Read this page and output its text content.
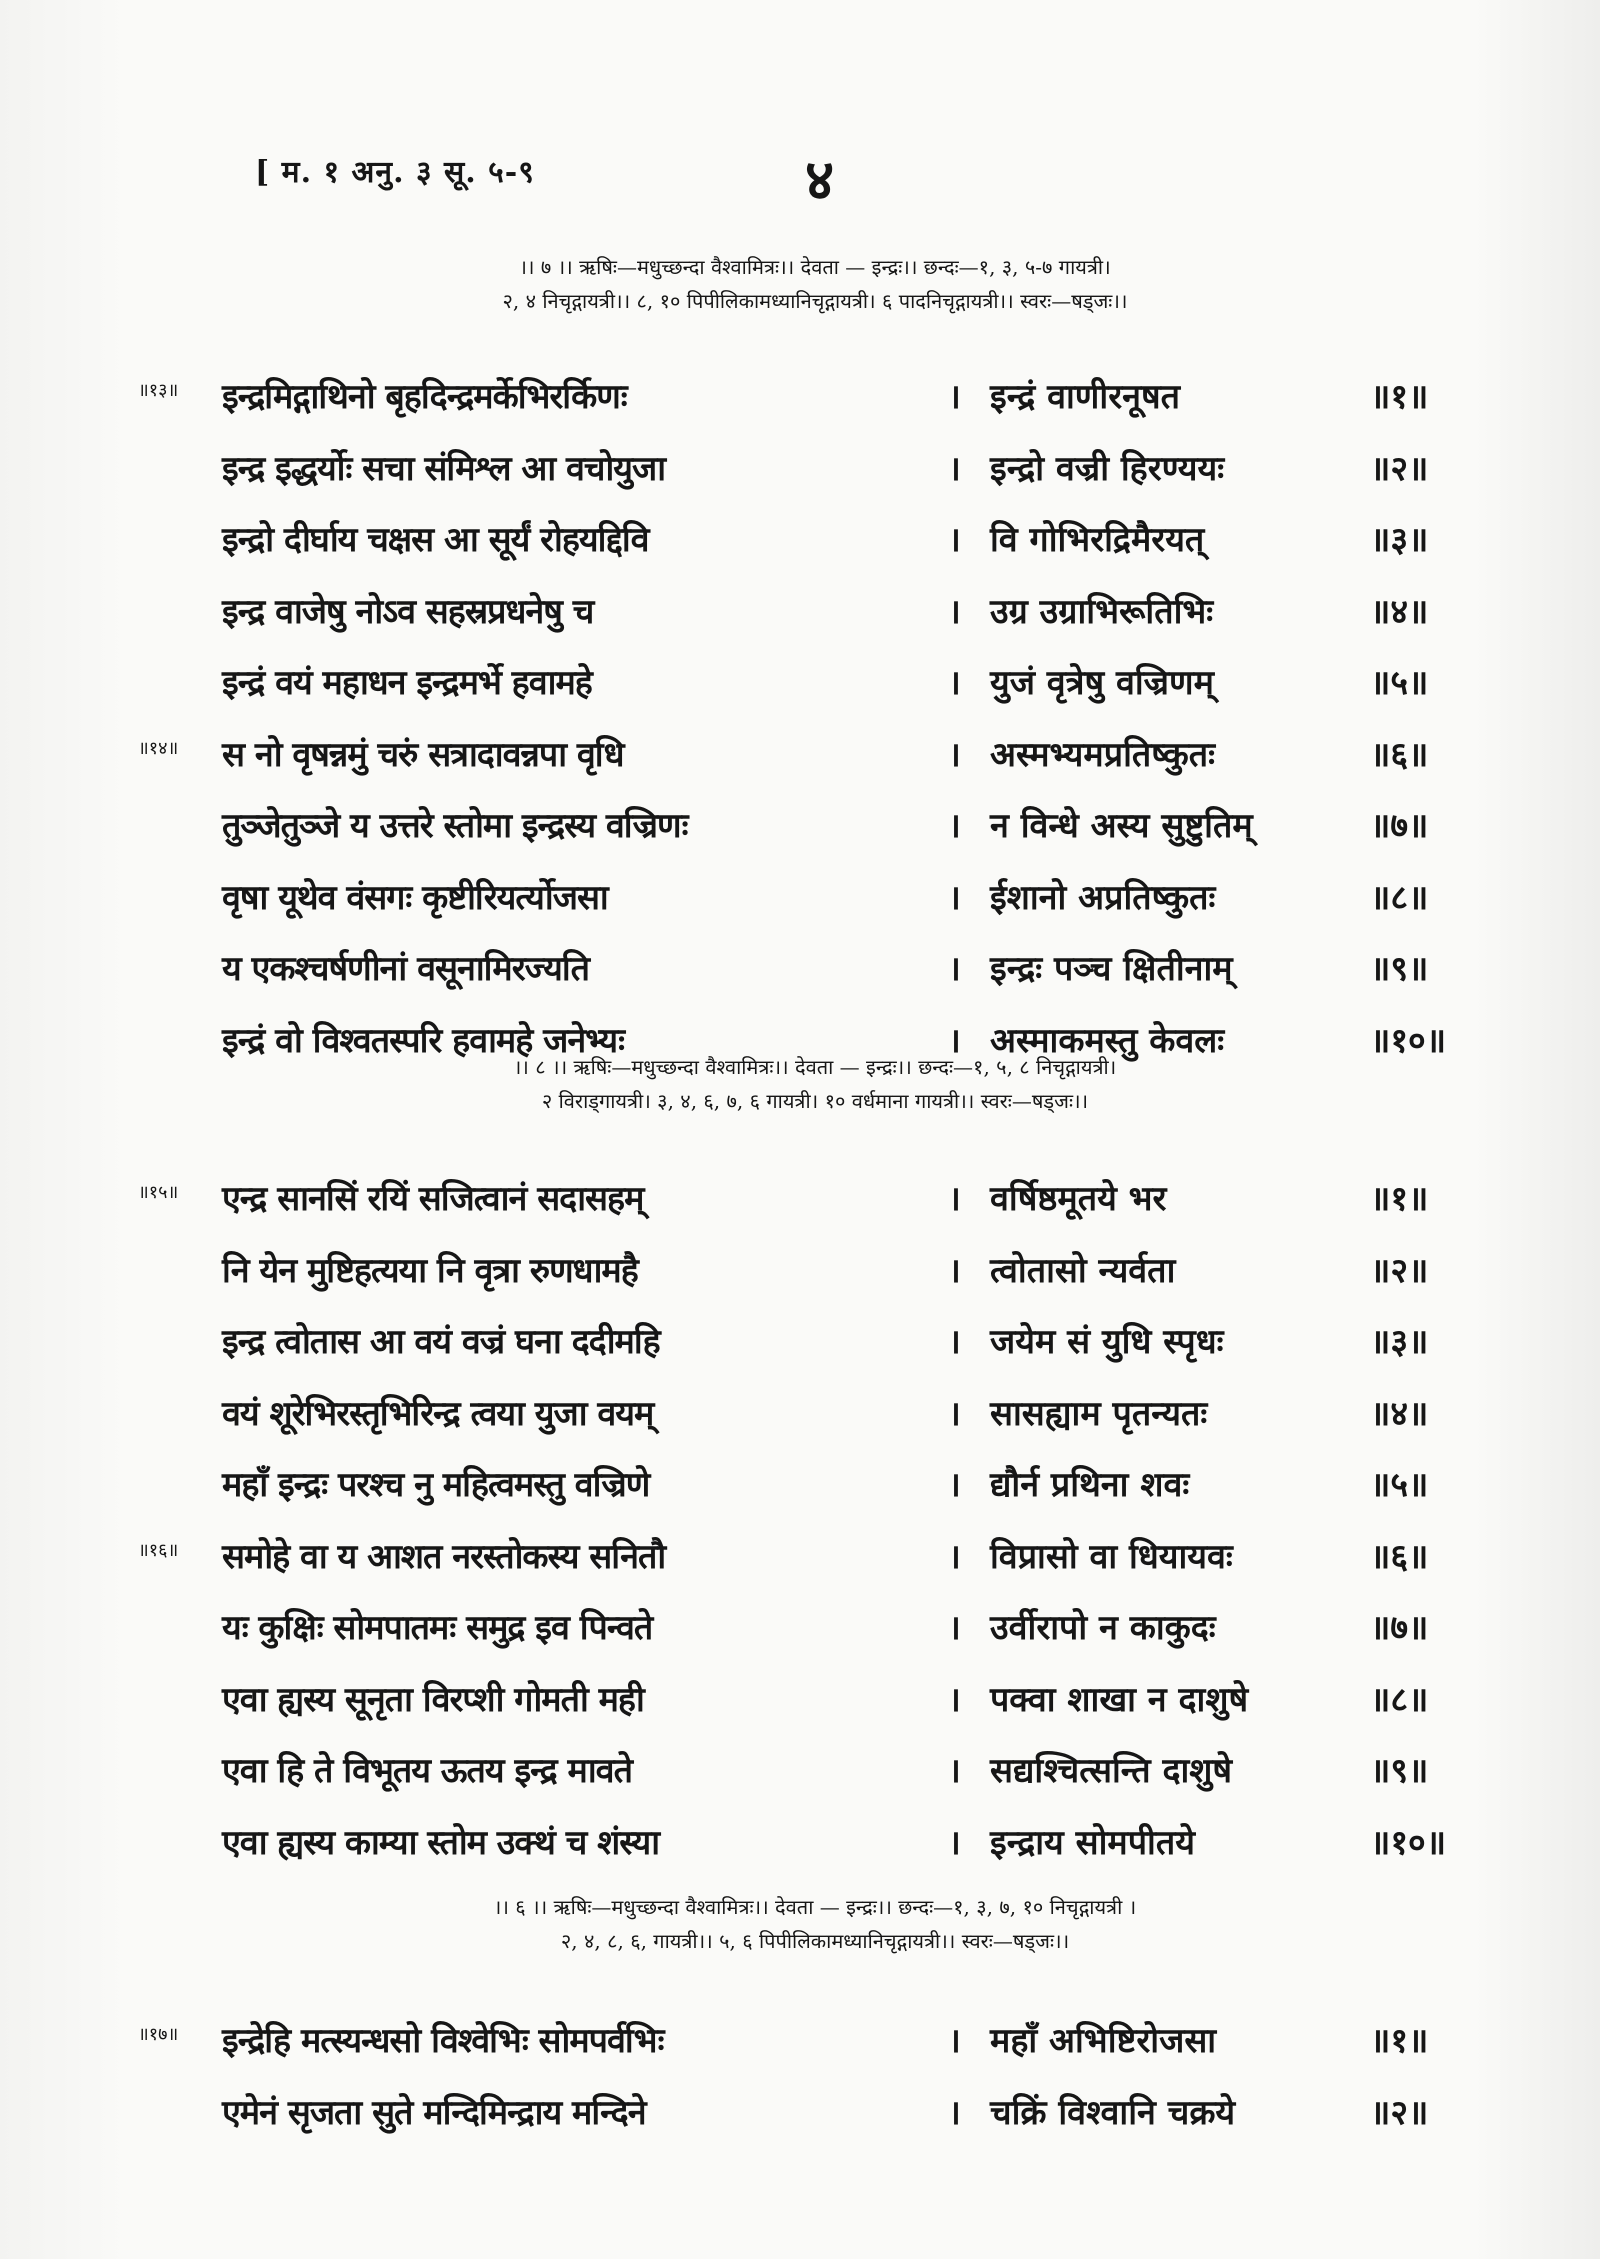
[ म. १ अनु. ३ सू. ५-९	४
।। ७ ।। ऋषिः—मधुच्छन्दा वैश्वामित्रः।। देवता — इन्द्रः।। छन्दः—१, ३, ५-७ गायत्री।
२, ४ निचृद्गायत्री।। ८, १० पिपीलिकामध्यानिचृद्गायत्री। ६ पादनिचृद्गायत्री।। स्वरः—षड्जः।।
॥१३॥ इन्द्रमिद्गाथिनो बृहदिन्द्रमर्केभिरर्किणः	। इन्द्रं वाणीरनूषत	॥१॥
इन्द्र इद्धर्योः सचा संमिश्ल आ वचोयुजा	। इन्द्रो वज्री हिरण्ययः	॥२॥
इन्द्रो दीर्घाय चक्षस आ सूर्यं रोहयद्दिवि	। वि गोभिरद्रिमैरयत्	॥३॥
इन्द्र वाजेषु नोऽव सहस्रप्रधनेषु च	। उग्र उग्राभिरूतिभिः	॥४॥
इन्द्रं वयं महाधन इन्द्रमर्भे हवामहे	। युजं वृत्रेषु वज्रिणम्	॥५॥
॥१४॥ स नो वृषन्नमुं चरुं सत्रादावन्नपा वृधि	। अस्मभ्यमप्रतिष्कुतः	॥६॥
तुञ्जेतुञ्जे य उत्तरे स्तोमा इन्द्रस्य वज्रिणः	। न विन्धे अस्य सुष्टुतिम्	॥७॥
वृषा यूथेव वंसगः कृष्टीरियर्त्योजसा	। ईशानो अप्रतिष्कुतः	॥८॥
य एकश्चर्षणीनां वसूनामिरज्यति	। इन्द्रः पञ्च क्षितीनाम्	॥९॥
इन्द्रं वो विश्वतस्परि हवामहे जनेभ्यः	। अस्माकमस्तु केवलः	॥१०॥
।। ८ ।। ऋषिः—मधुच्छन्दा वैश्वामित्रः।। देवता — इन्द्रः।। छन्दः—१, ५, ८ निचृद्गायत्री।
२ विराड्गायत्री। ३, ४, ६, ७, ६ गायत्री। १० वर्धमाना गायत्री।। स्वरः—षड्जः।।
॥१५॥ एन्द्र सानसिं रयिं सजित्वानं सदासहम्	। वर्षिष्ठमूतये भर	॥१॥
नि येन मुष्टिहत्यया नि वृत्रा रुणधामहै	। त्वोतासो न्यर्वता	॥२॥
इन्द्र त्वोतास आ वयं वज्रं घना ददीमहि	। जयेम सं युधि स्पृधः	॥३॥
वयं शूरेभिरस्तृभिरिन्द्र त्वया युजा वयम्	। सासह्याम पृतन्यतः	॥४॥
महाँ इन्द्रः परश्च नु महित्वमस्तु वज्रिणे	। द्यौर्न प्रथिना शवः	॥५॥
॥१६॥ समोहे वा य आशत नरस्तोकस्य सनितौ	। विप्रासो वा धियायवः	॥६॥
यः कुक्षिः सोमपातमः समुद्र इव पिन्वते	। उर्वीरापो न काकुदः	॥७॥
एवा ह्यस्य सूनृता विरप्शी गोमती मही	। पक्वा शाखा न दाशुषे	॥८॥
एवा हि ते विभूतय ऊतय इन्द्र मावते	। सद्यश्चित्सन्ति दाशुषे	॥९॥
एवा ह्यस्य काम्या स्तोम उक्थं च शंस्या	। इन्द्राय सोमपीतये	॥१०॥
।। ६ ।। ऋषिः—मधुच्छन्दा वैश्वामित्रः।। देवता — इन्द्रः।। छन्दः—१, ३, ७, १० निचृद्गायत्री ।
२, ४, ८, ६, गायत्री।। ५, ६ पिपीलिकामध्यानिचृद्गायत्री।। स्वरः—षड्जः।।
॥१७॥ इन्द्रेहि मत्स्यन्धसो विश्वेभिः सोमपर्वभिः	। महाँ अभिष्टिरोजसा	॥१॥
एमेनं सृजता सुते मन्दिमिन्द्राय मन्दिने	। चक्रिं विश्वानि चक्रये	॥२॥
